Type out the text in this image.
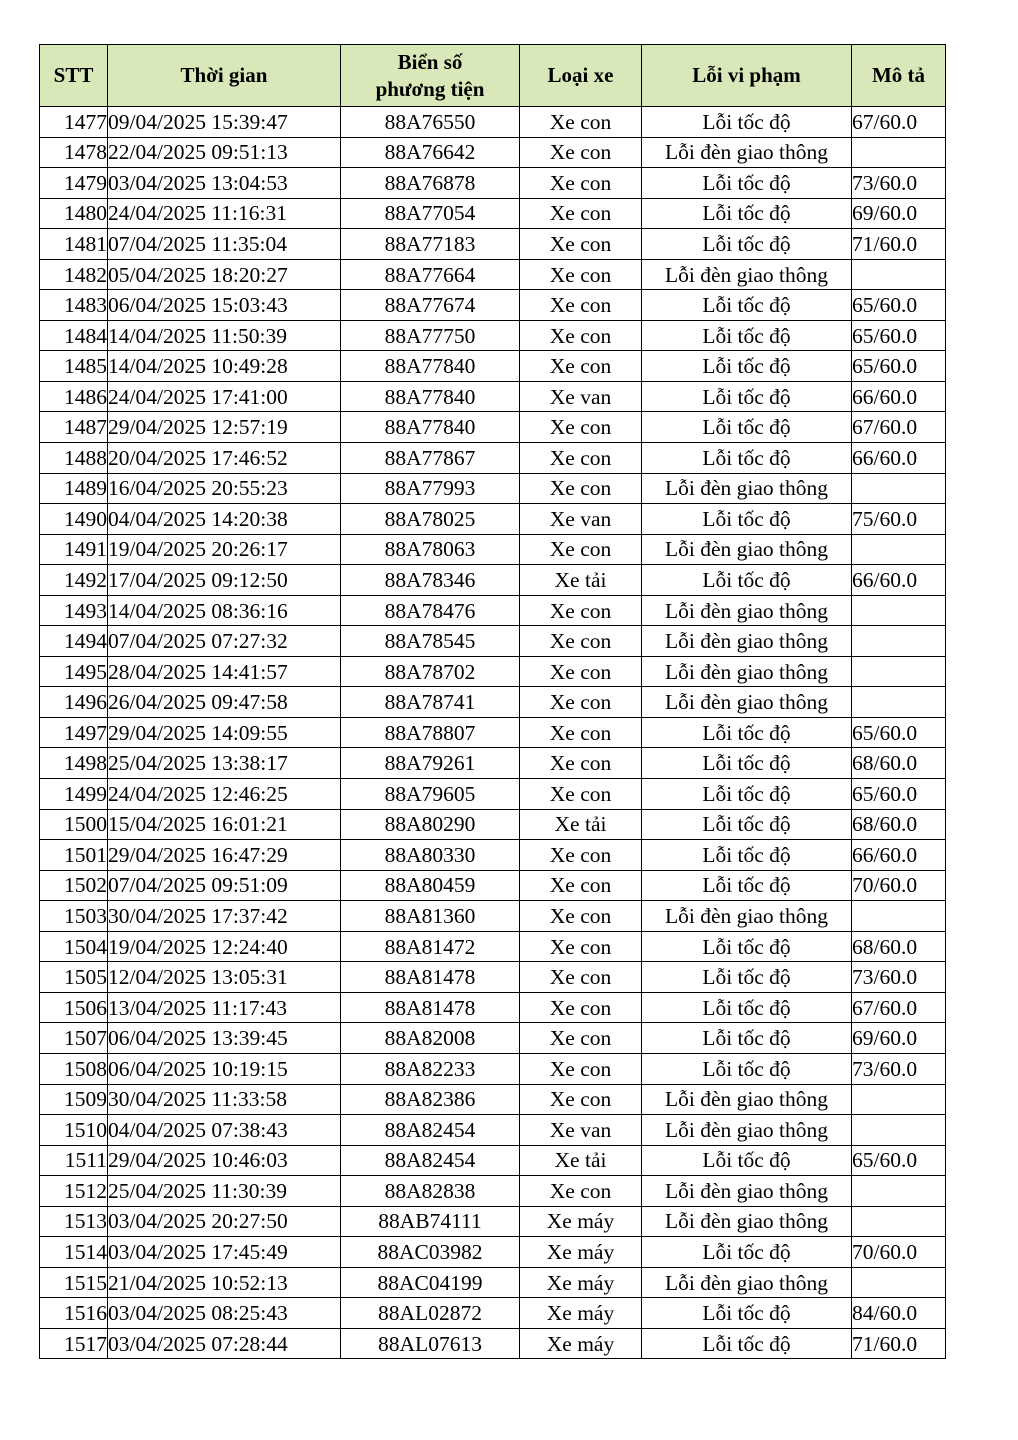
STT	Thời gian	Biển số
phương tiện	Loại xe	Lỗi vi phạm	Mô tả
1477	09/04/2025 15:39:47	88A76550	Xe con	Lỗi tốc độ	67/60.0
1478	22/04/2025 09:51:13	88A76642	Xe con	Lỗi đèn giao thông	
1479	03/04/2025 13:04:53	88A76878	Xe con	Lỗi tốc độ	73/60.0
1480	24/04/2025 11:16:31	88A77054	Xe con	Lỗi tốc độ	69/60.0
1481	07/04/2025 11:35:04	88A77183	Xe con	Lỗi tốc độ	71/60.0
1482	05/04/2025 18:20:27	88A77664	Xe con	Lỗi đèn giao thông	
1483	06/04/2025 15:03:43	88A77674	Xe con	Lỗi tốc độ	65/60.0
1484	14/04/2025 11:50:39	88A77750	Xe con	Lỗi tốc độ	65/60.0
1485	14/04/2025 10:49:28	88A77840	Xe con	Lỗi tốc độ	65/60.0
1486	24/04/2025 17:41:00	88A77840	Xe van	Lỗi tốc độ	66/60.0
1487	29/04/2025 12:57:19	88A77840	Xe con	Lỗi tốc độ	67/60.0
1488	20/04/2025 17:46:52	88A77867	Xe con	Lỗi tốc độ	66/60.0
1489	16/04/2025 20:55:23	88A77993	Xe con	Lỗi đèn giao thông	
1490	04/04/2025 14:20:38	88A78025	Xe van	Lỗi tốc độ	75/60.0
1491	19/04/2025 20:26:17	88A78063	Xe con	Lỗi đèn giao thông	
1492	17/04/2025 09:12:50	88A78346	Xe tải	Lỗi tốc độ	66/60.0
1493	14/04/2025 08:36:16	88A78476	Xe con	Lỗi đèn giao thông	
1494	07/04/2025 07:27:32	88A78545	Xe con	Lỗi đèn giao thông	
1495	28/04/2025 14:41:57	88A78702	Xe con	Lỗi đèn giao thông	
1496	26/04/2025 09:47:58	88A78741	Xe con	Lỗi đèn giao thông	
1497	29/04/2025 14:09:55	88A78807	Xe con	Lỗi tốc độ	65/60.0
1498	25/04/2025 13:38:17	88A79261	Xe con	Lỗi tốc độ	68/60.0
1499	24/04/2025 12:46:25	88A79605	Xe con	Lỗi tốc độ	65/60.0
1500	15/04/2025 16:01:21	88A80290	Xe tải	Lỗi tốc độ	68/60.0
1501	29/04/2025 16:47:29	88A80330	Xe con	Lỗi tốc độ	66/60.0
1502	07/04/2025 09:51:09	88A80459	Xe con	Lỗi tốc độ	70/60.0
1503	30/04/2025 17:37:42	88A81360	Xe con	Lỗi đèn giao thông	
1504	19/04/2025 12:24:40	88A81472	Xe con	Lỗi tốc độ	68/60.0
1505	12/04/2025 13:05:31	88A81478	Xe con	Lỗi tốc độ	73/60.0
1506	13/04/2025 11:17:43	88A81478	Xe con	Lỗi tốc độ	67/60.0
1507	06/04/2025 13:39:45	88A82008	Xe con	Lỗi tốc độ	69/60.0
1508	06/04/2025 10:19:15	88A82233	Xe con	Lỗi tốc độ	73/60.0
1509	30/04/2025 11:33:58	88A82386	Xe con	Lỗi đèn giao thông	
1510	04/04/2025 07:38:43	88A82454	Xe van	Lỗi đèn giao thông	
1511	29/04/2025 10:46:03	88A82454	Xe tải	Lỗi tốc độ	65/60.0
1512	25/04/2025 11:30:39	88A82838	Xe con	Lỗi đèn giao thông	
1513	03/04/2025 20:27:50	88AB74111	Xe máy	Lỗi đèn giao thông	
1514	03/04/2025 17:45:49	88AC03982	Xe máy	Lỗi tốc độ	70/60.0
1515	21/04/2025 10:52:13	88AC04199	Xe máy	Lỗi đèn giao thông	
1516	03/04/2025 08:25:43	88AL02872	Xe máy	Lỗi tốc độ	84/60.0
1517	03/04/2025 07:28:44	88AL07613	Xe máy	Lỗi tốc độ	71/60.0
